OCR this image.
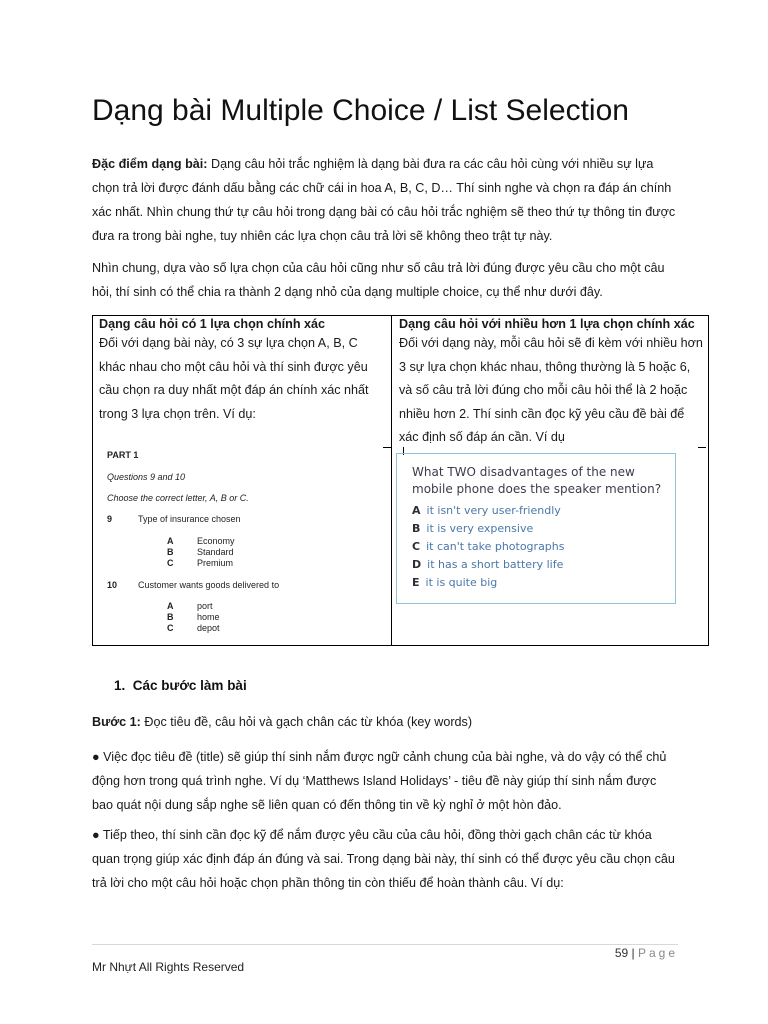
Dạng bài Multiple Choice / List Selection

Đặc điểm dạng bài: Dạng câu hỏi trắc nghiệm là dạng bài đưa ra các câu hỏi cùng với nhiều sự lựa chọn trả lời được đánh dấu bằng các chữ cái in hoa A, B, C, D… Thí sinh nghe và chọn ra đáp án chính xác nhất. Nhìn chung thứ tự câu hỏi trong dạng bài có câu hỏi trắc nghiệm sẽ theo thứ tự thông tin được đưa ra trong bài nghe, tuy nhiên các lựa chọn câu trả lời sẽ không theo trật tự này.

Nhìn chung, dựa vào số lựa chọn của câu hỏi cũng như số câu trả lời đúng được yêu cầu cho một câu hỏi, thí sinh có thể chia ra thành 2 dạng nhỏ của dạng multiple choice, cụ thể như dưới đây.

Dạng câu hỏi có 1 lựa chọn chính xác
Đối với dạng bài này, có 3 sự lựa chọn A, B, C khác nhau cho một câu hỏi và thí sinh được yêu cầu chọn ra duy nhất một đáp án chính xác nhất trong 3 lựa chọn trên. Ví dụ:
Dạng câu hỏi với nhiều hơn 1 lựa chọn chính xác
Đối với dạng này, mỗi câu hỏi sẽ đi kèm với nhiều hơn 3 sự lựa chọn khác nhau, thông thường là 5 hoặc 6, và số câu trả lời đúng cho mỗi câu hỏi thể là 2 hoặc nhiều hơn 2. Thí sinh cần đọc kỹ yêu cầu đề bài để xác định số đáp án cần. Ví dụ
PART 1
Questions 9 and 10
Choose the correct letter, A, B or C.
9	Type of insurance chosen
A	Economy
B	Standard
C	Premium
10 Customer wants goods delivered to
A	port
B	home
C	depot
1. Các bước làm bài

Bước 1: Đọc tiêu đề, câu hỏi và gạch chân các từ khóa (key words)

● Việc đọc tiêu đề (title) sẽ giúp thí sinh nắm được ngữ cảnh chung của bài nghe, và do vậy có thể chủ động hơn trong quá trình nghe. Ví dụ ‘Matthews Island Holidays’ - tiêu đề này giúp thí sinh nắm được bao quát nội dung sắp nghe sẽ liên quan có đến thông tin về kỳ nghỉ ở một hòn đảo.

● Tiếp theo, thí sinh cần đọc kỹ để nắm được yêu cầu của câu hỏi, đồng thời gạch chân các từ khóa quan trọng giúp xác định đáp án đúng và sai. Trong dạng bài này, thí sinh có thể được yêu cầu chọn câu trả lời cho một câu hỏi hoặc chọn phần thông tin còn thiếu để hoàn thành câu. Ví dụ:

59 | Page
Mr Nhựt All Rights Reserved
What TWO disadvantages of the new mobile phone does the speaker mention?
A it isn't very user-friendly
B it is very expensive
C it can't take photographs
D it has a short battery life
E it is quite big
